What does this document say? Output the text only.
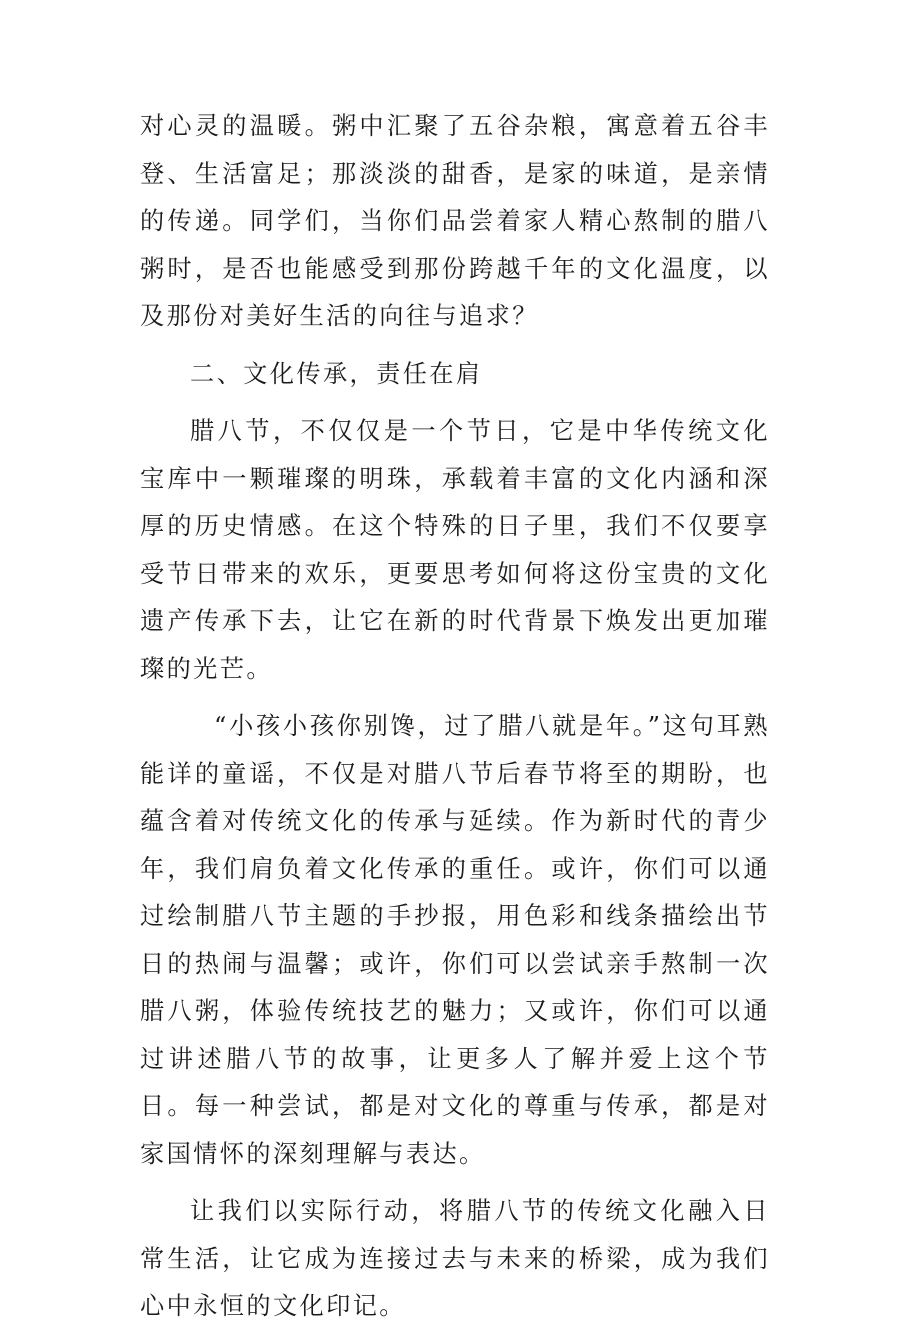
对心灵的温暖。粥中汇聚了五谷杂粮，寓意着五谷丰登、生活富足；那淡淡的甜香，是家的味道，是亲情的传递。同学们，当你们品尝着家人精心熬制的腊八粥时，是否也能感受到那份跨越千年的文化温度，以及那份对美好生活的向往与追求？

二、文化传承，责任在肩

腊八节，不仅仅是一个节日，它是中华传统文化宝库中一颗璀璨的明珠，承载着丰富的文化内涵和深厚的历史情感。在这个特殊的日子里，我们不仅要享受节日带来的欢乐，更要思考如何将这份宝贵的文化遗产传承下去，让它在新的时代背景下焕发出更加璀璨的光芒。

“小孩小孩你别馋，过了腊八就是年。”这句耳熟能详的童谣，不仅是对腊八节后春节将至的期盼，也蕴含着对传统文化的传承与延续。作为新时代的青少年，我们肩负着文化传承的重任。或许，你们可以通过绘制腊八节主题的手抄报，用色彩和线条描绘出节日的热闹与温馨；或许，你们可以尝试亲手熬制一次腊八粥，体验传统技艺的魅力；又或许，你们可以通过讲述腊八节的故事，让更多人了解并爱上这个节日。每一种尝试，都是对文化的尊重与传承，都是对家国情怀的深刻理解与表达。

让我们以实际行动，将腊八节的传统文化融入日常生活，让它成为连接过去与未来的桥梁，成为我们心中永恒的文化印记。
